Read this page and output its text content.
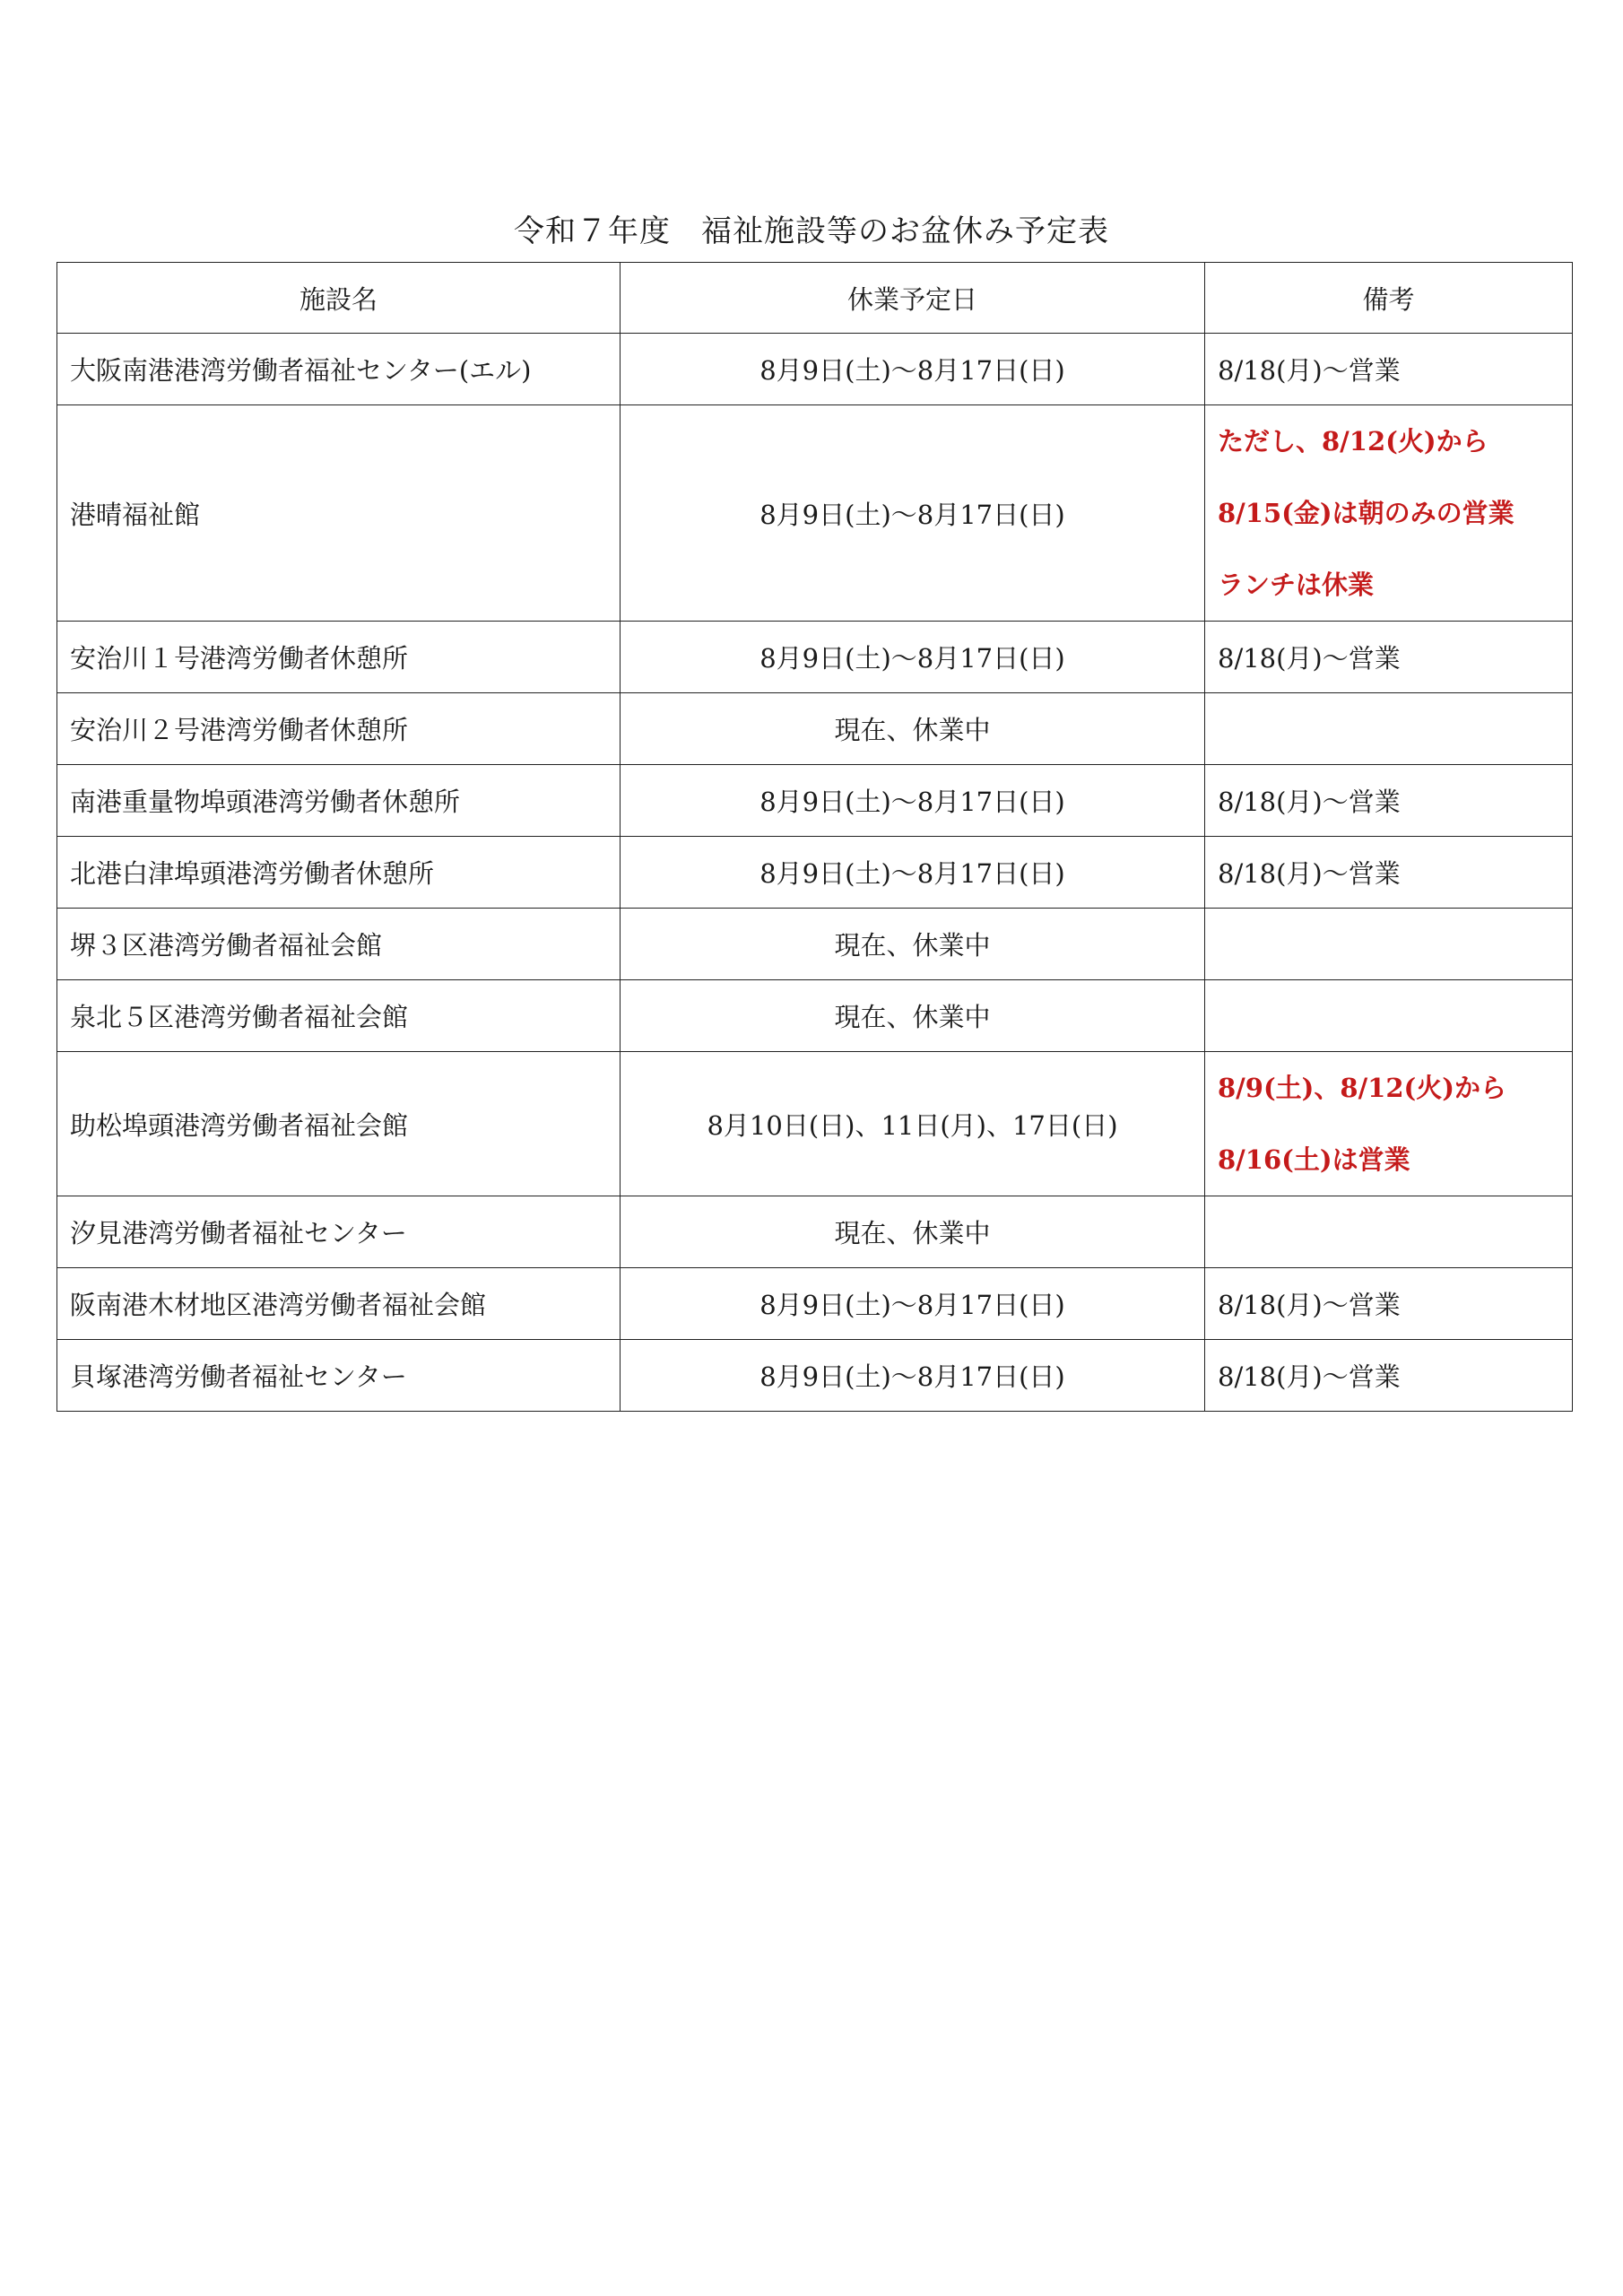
令和７年度 福祉施設等のお盆休み予定表
施設名	休業予定日	備考
大阪南港港湾労働者福祉センター(エル)	8月9日(土)～8月17日(日)	8/18(月)～営業
港晴福祉館	8月9日(土)～8月17日(日)	ただし、8/12(火)から
8/15(金)は朝のみの営業
ランチは休業

安治川１号港湾労働者休憩所	8月9日(土)～8月17日(日)	8/18(月)～営業
安治川２号港湾労働者休憩所	現在、休業中	
南港重量物埠頭港湾労働者休憩所	8月9日(土)～8月17日(日)	8/18(月)～営業
北港白津埠頭港湾労働者休憩所	8月9日(土)～8月17日(日)	8/18(月)～営業
堺３区港湾労働者福祉会館	現在、休業中	
泉北５区港湾労働者福祉会館	現在、休業中	
助松埠頭港湾労働者福祉会館	8月10日(日)、11日(月)、17日(日)	8/9(土)、8/12(火)から
8/16(土)は営業

汐見港湾労働者福祉センター	現在、休業中	
阪南港木材地区港湾労働者福祉会館	8月9日(土)～8月17日(日)	8/18(月)～営業
貝塚港湾労働者福祉センター	8月9日(土)～8月17日(日)	8/18(月)～営業
